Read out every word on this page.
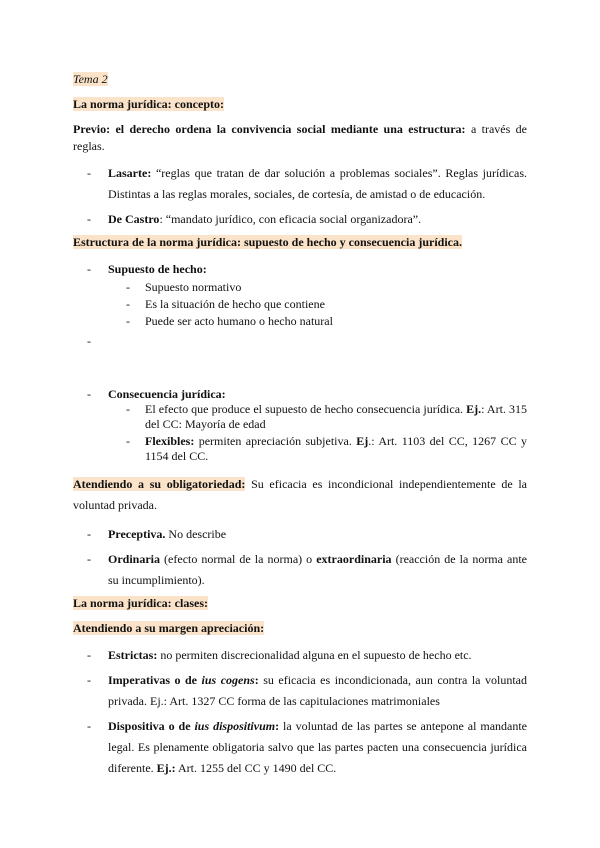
Tema 2

La norma jurídica: concepto:

Previo: el derecho ordena la convivencia social mediante una estructura: a través de reglas.

- Lasarte: “reglas que tratan de dar solución a problemas sociales”. Reglas jurídicas. Distintas a las reglas morales, sociales, de cortesía, de amistad o de educación.
- De Castro: “mandato jurídico, con eficacia social organizadora”.

Estructura de la norma jurídica: supuesto de hecho y consecuencia jurídica.

- Supuesto de hecho:
- Supuesto normativo
- Es la situación de hecho que contiene
- Puede ser acto humano o hecho natural
-
- Consecuencia jurídica:
- El efecto que produce el supuesto de hecho consecuencia jurídica. Ej.: Art. 315 del CC: Mayoría de edad
- Flexibles: permiten apreciación subjetiva. Ej.: Art. 1103 del CC, 1267 CC y 1154 del CC.

Atendiendo a su obligatoriedad: Su eficacia es incondicional independientemente de la voluntad privada.

- Preceptiva. No describe
- Ordinaria (efecto normal de la norma) o extraordinaria (reacción de la norma ante su incumplimiento).

La norma jurídica: clases:

Atendiendo a su margen apreciación:

- Estrictas: no permiten discrecionalidad alguna en el supuesto de hecho etc.
- Imperativas o de ius cogens: su eficacia es incondicionada, aun contra la voluntad privada. Ej.: Art. 1327 CC forma de las capitulaciones matrimoniales
- Dispositiva o de ius dispositivum: la voluntad de las partes se antepone al mandante legal. Es plenamente obligatoria salvo que las partes pacten una consecuencia jurídica diferente. Ej.: Art. 1255 del CC y 1490 del CC.
